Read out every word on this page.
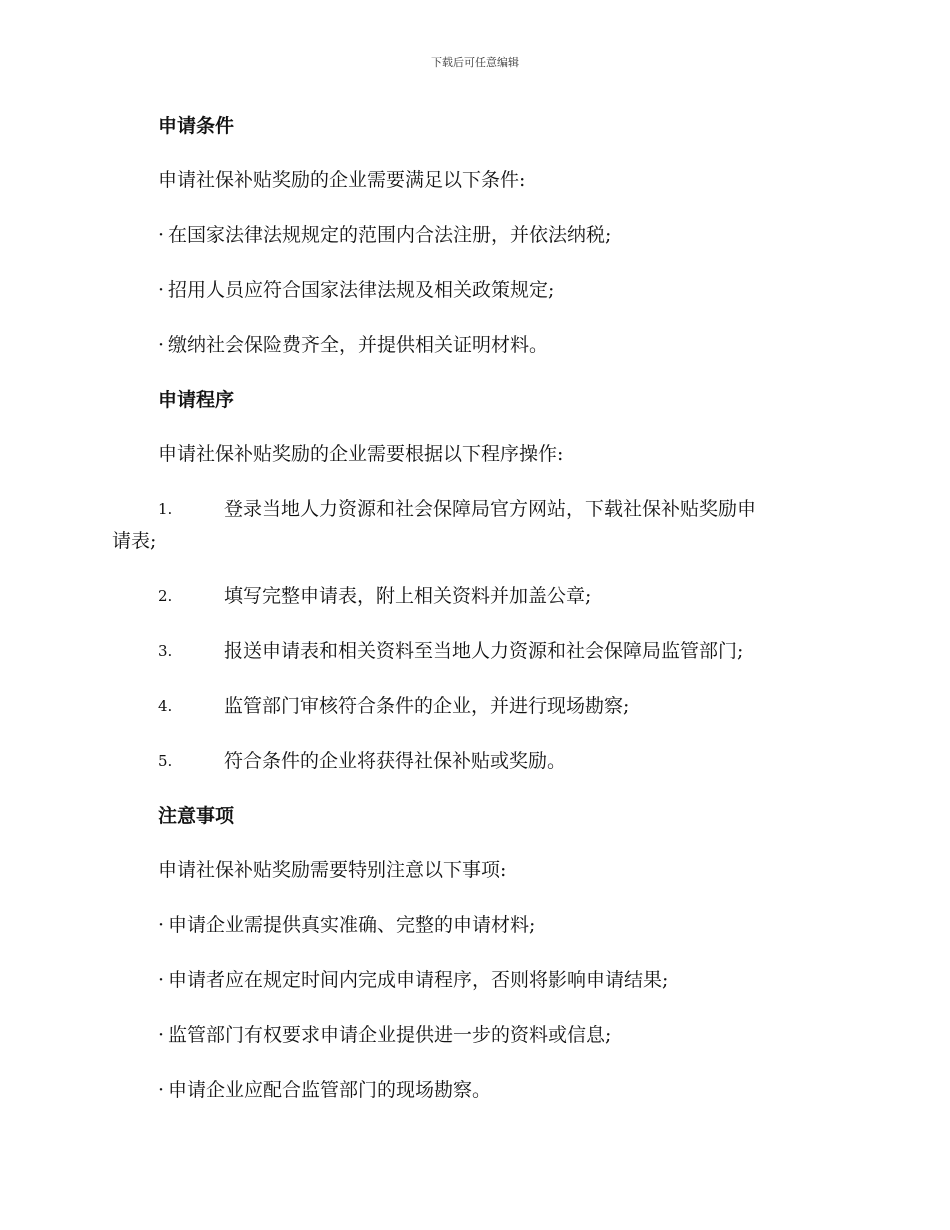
下载后可任意编辑
申请条件
申请社保补贴奖励的企业需要满足以下条件:
· 在国家法律法规规定的范围内合法注册，并依法纳税;
· 招用人员应符合国家法律法规及相关政策规定;
· 缴纳社会保险费齐全，并提供相关证明材料。
申请程序
申请社保补贴奖励的企业需要根据以下程序操作:
1.	登录当地人力资源和社会保障局官方网站，下载社保补贴奖励申
请表;
2.	填写完整申请表，附上相关资料并加盖公章;
3.	报送申请表和相关资料至当地人力资源和社会保障局监管部门;
4.	监管部门审核符合条件的企业，并进行现场勘察;
5.	符合条件的企业将获得社保补贴或奖励。
注意事项
申请社保补贴奖励需要特别注意以下事项:
· 申请企业需提供真实准确、完整的申请材料;
· 申请者应在规定时间内完成申请程序，否则将影响申请结果;
· 监管部门有权要求申请企业提供进一步的资料或信息;
· 申请企业应配合监管部门的现场勘察。
